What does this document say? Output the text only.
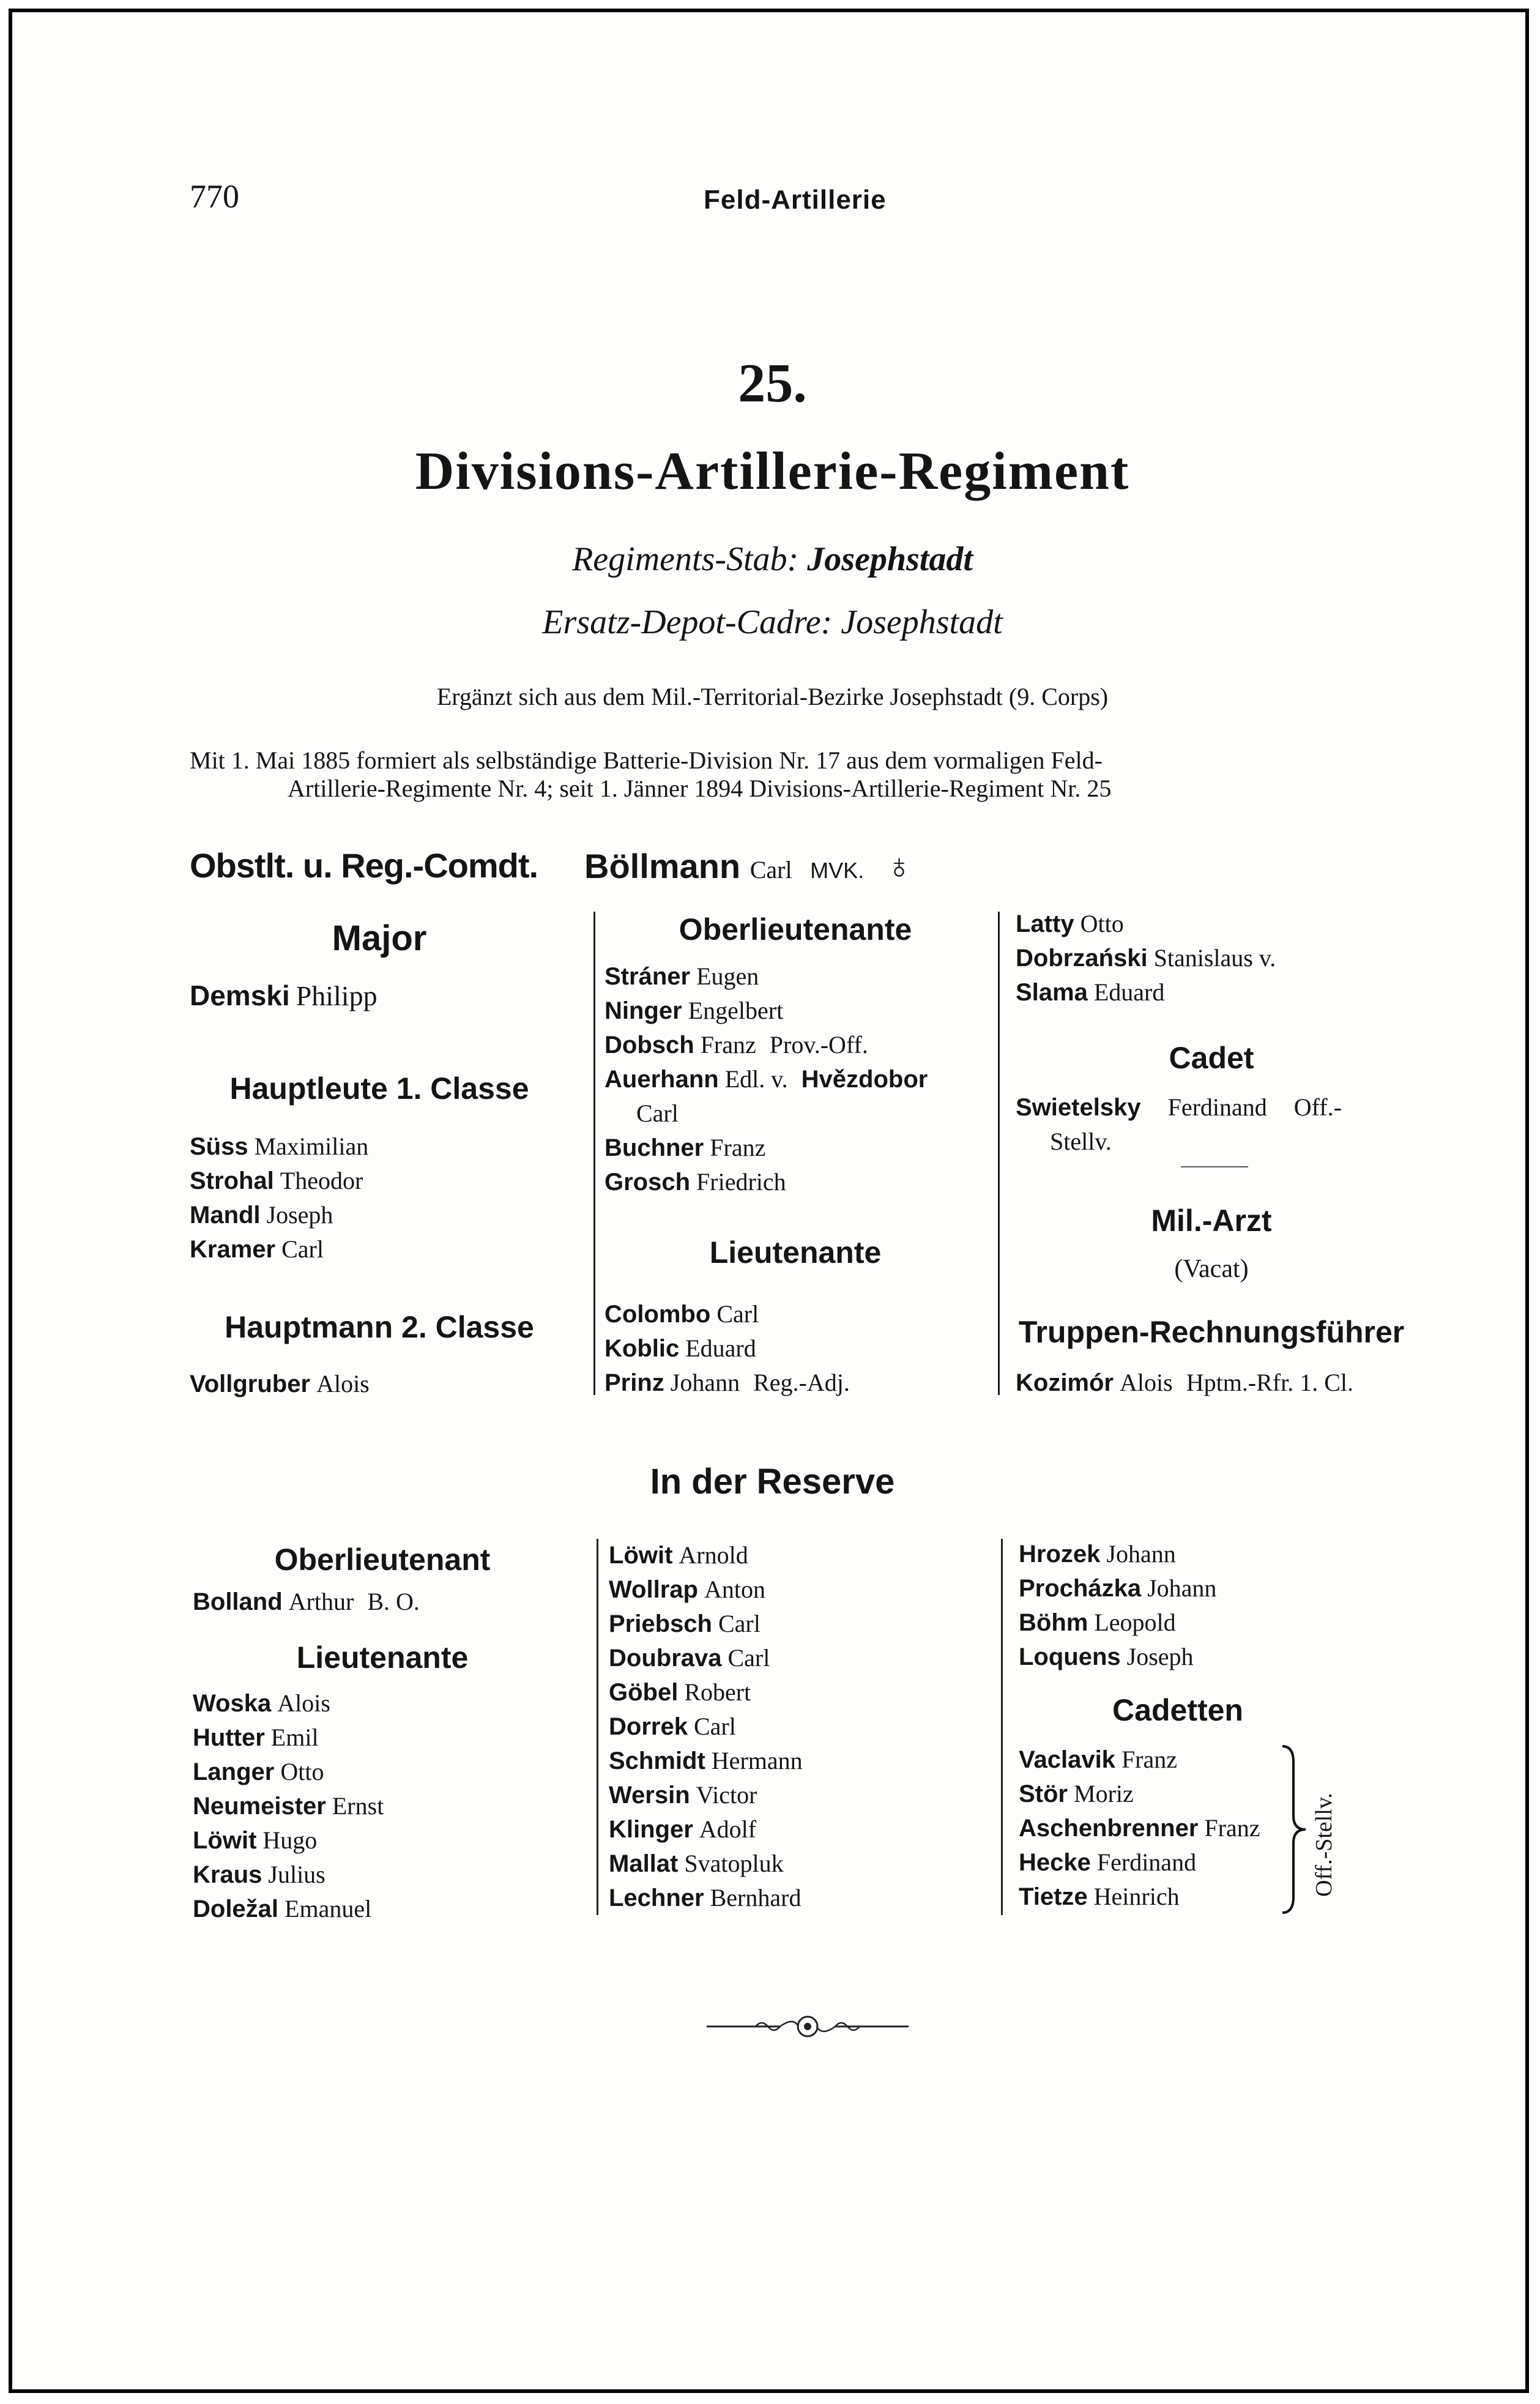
770	Feld-Artillerie
25.
Divisions-Artillerie-Regiment
Regiments-Stab: Josephstadt
Ersatz-Depot-Cadre: Josephstadt
Ergänzt sich aus dem Mil.-Territorial-Bezirke Josephstadt (9. Corps)
Mit 1. Mai 1885 formiert als selbständige Batterie-Division Nr. 17 aus dem vormaligen Feld-
Artillerie-Regimente Nr. 4; seit 1. Jänner 1894 Divisions-Artillerie-Regiment Nr. 25
Obstlt. u. Reg.-Comdt. Böllmann Carl MVK. ♁
Major
Demski Philipp
Hauptleute 1. Classe
Süss Maximilian
Strohal Theodor
Mandl Joseph
Kramer Carl
Hauptmann 2. Classe
Vollgruber Alois
Oberlieutenante
Stráner Eugen
Ninger Engelbert
Dobsch Franz Prov.-Off.
Auerhann Edl. v. Hvězdobor
Carl
Buchner Franz
Grosch Friedrich
Lieutenante
Colombo Carl
Koblic Eduard
Prinz Johann Reg.-Adj.
Latty Otto
Dobrzański Stanislaus v.
Slama Eduard
Cadet
Swietelsky Ferdinand Off.-
Stellv.
Mil.-Arzt
(Vacat)
Truppen-Rechnungsführer
Kozimór Alois Hptm.-Rfr. 1. Cl.
In der Reserve
Oberlieutenant
Bolland Arthur B. O.
Lieutenante
Woska Alois
Hutter Emil
Langer Otto
Neumeister Ernst
Löwit Hugo
Kraus Julius
Doležal Emanuel
Löwit Arnold
Wollrap Anton
Priebsch Carl
Doubrava Carl
Göbel Robert
Dorrek Carl
Schmidt Hermann
Wersin Victor
Klinger Adolf
Mallat Svatopluk
Lechner Bernhard
Hrozek Johann
Procházka Johann
Böhm Leopold
Loquens Joseph
Cadetten
Vaclavik Franz
Stör Moriz
Aschenbrenner Franz
Hecke Ferdinand
Tietze Heinrich	Off.-Stellv.
